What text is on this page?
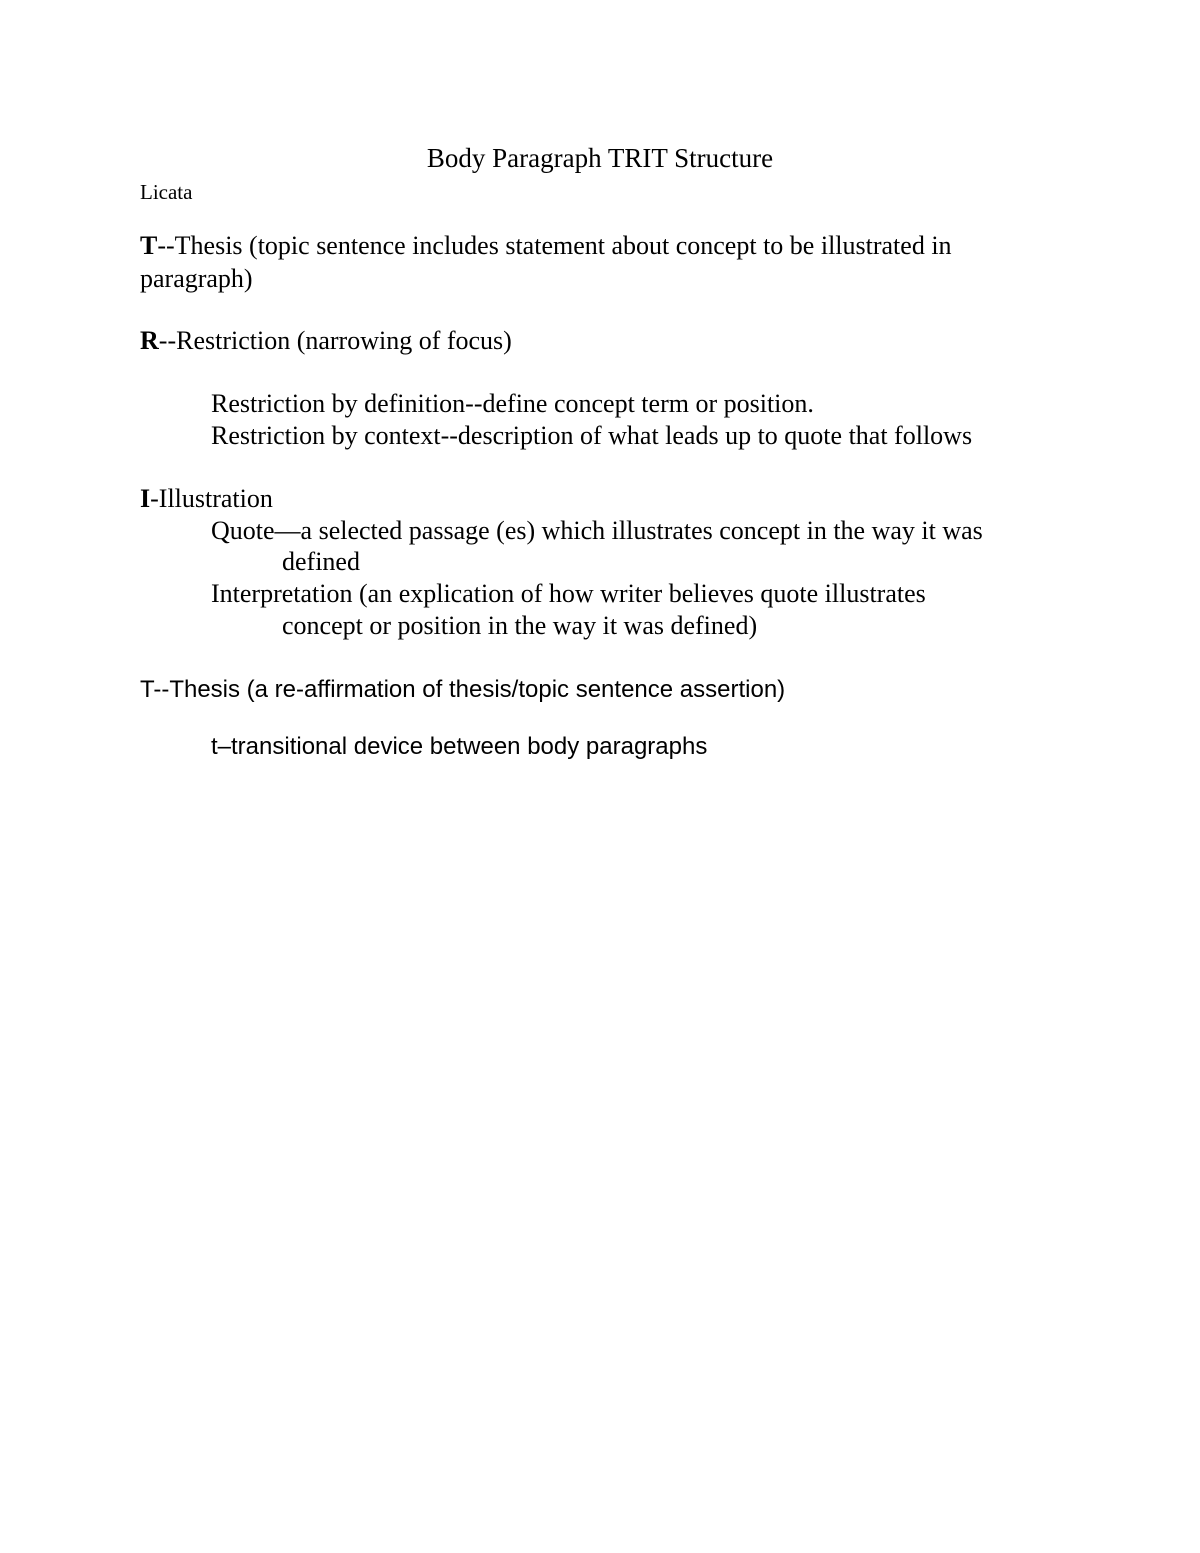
Body Paragraph TRIT Structure
Licata
T--Thesis (topic sentence includes statement about concept to be illustrated in
paragraph)
R--Restriction (narrowing of focus)
Restriction by definition--define concept term or position.
Restriction by context--description of what leads up to quote that follows
I-Illustration
Quote—a selected passage (es) which illustrates concept in the way it was
defined
Interpretation (an explication of how writer believes quote illustrates
concept or position in the way it was defined)
T--Thesis (a re-affirmation of thesis/topic sentence assertion)
t–transitional device between body paragraphs
